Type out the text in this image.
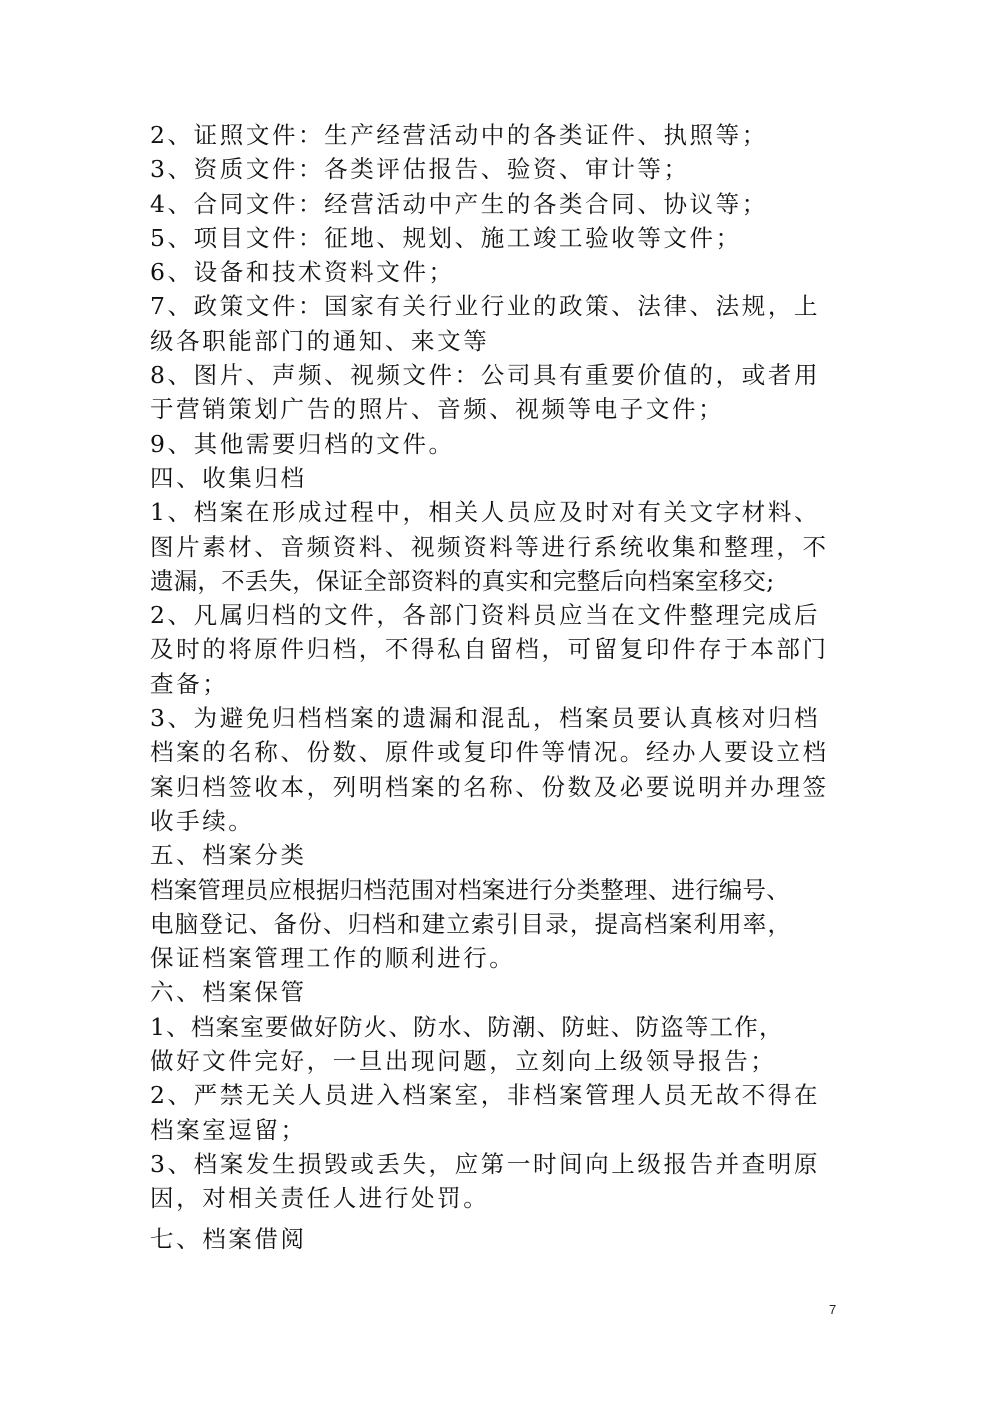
2、证照文件：生产经营活动中的各类证件、执照等；
3、资质文件：各类评估报告、验资、审计等；
4、合同文件：经营活动中产生的各类合同、协议等；
5、项目文件：征地、规划、施工竣工验收等文件；
6、设备和技术资料文件；
7、政策文件：国家有关行业行业的政策、法律、法规，上
级各职能部门的通知、来文等
8、图片、声频、视频文件：公司具有重要价值的，或者用
于营销策划广告的照片、音频、视频等电子文件；
9、其他需要归档的文件。
四、收集归档
1、档案在形成过程中，相关人员应及时对有关文字材料、
图片素材、音频资料、视频资料等进行系统收集和整理，不
遗漏，不丢失，保证全部资料的真实和完整后向档案室移交;
2、凡属归档的文件，各部门资料员应当在文件整理完成后
及时的将原件归档，不得私自留档，可留复印件存于本部门
查备；
3、为避免归档档案的遗漏和混乱，档案员要认真核对归档
档案的名称、份数、原件或复印件等情况。经办人要设立档
案归档签收本，列明档案的名称、份数及必要说明并办理签
收手续。
五、档案分类
档案管理员应根据归档范围对档案进行分类整理、进行编号、
电脑登记、备份、归档和建立索引目录，提高档案利用率，
保证档案管理工作的顺利进行。
六、档案保管
1、档案室要做好防火、防水、防潮、防蛀、防盗等工作，
做好文件完好，一旦出现问题，立刻向上级领导报告；
2、严禁无关人员进入档案室，非档案管理人员无故不得在
档案室逗留；
3、档案发生损毁或丢失，应第一时间向上级报告并查明原
因，对相关责任人进行处罚。
七、档案借阅
7
